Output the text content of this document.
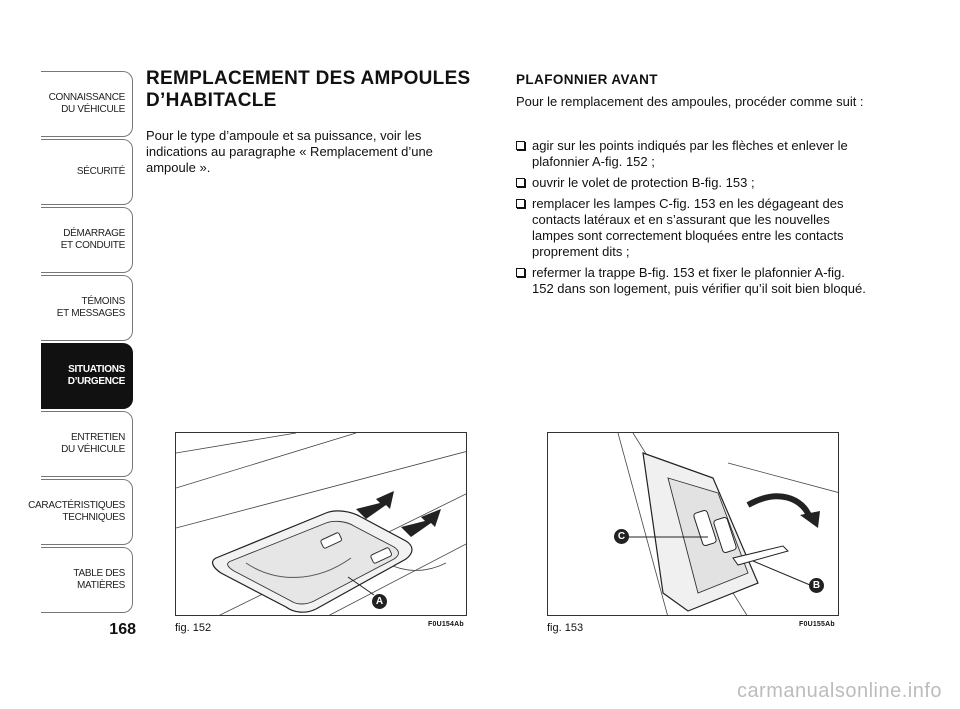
CONNAISSANCE
DU VÉHICULE
SÉCURITÉ
DÉMARRAGE
ET CONDUITE
TÉMOINS
ET MESSAGES
SITUATIONS
D’URGENCE
ENTRETIEN
DU VÉHICULE
CARACTÉRISTIQUES
TECHNIQUES
TABLE DES
MATIÈRES
168
REMPLACEMENT DES AMPOULES D’HABITACLE

Pour le type d’ampoule et sa puissance, voir les indications au paragraphe « Remplacement d’une ampoule ».

PLAFONNIER AVANT

Pour le remplacement des ampoules, procéder comme suit :

agir sur les points indiqués par les flèches et enlever le plafonnier A-fig. 152 ;
ouvrir le volet de protection B-fig. 153 ;
remplacer les lampes C-fig. 153 en les dégageant des contacts latéraux et en s’assurant que les nouvelles lampes sont correctement bloquées entre les contacts proprement dits ;
refermer la trappe B-fig. 153 et fixer le plafonnier A-fig. 152 dans son logement, puis vérifier qu’il soit bien bloqué.
A
fig. 152	F0U154Ab
C
B
fig. 153	F0U155Ab
carmanualsonline.info
